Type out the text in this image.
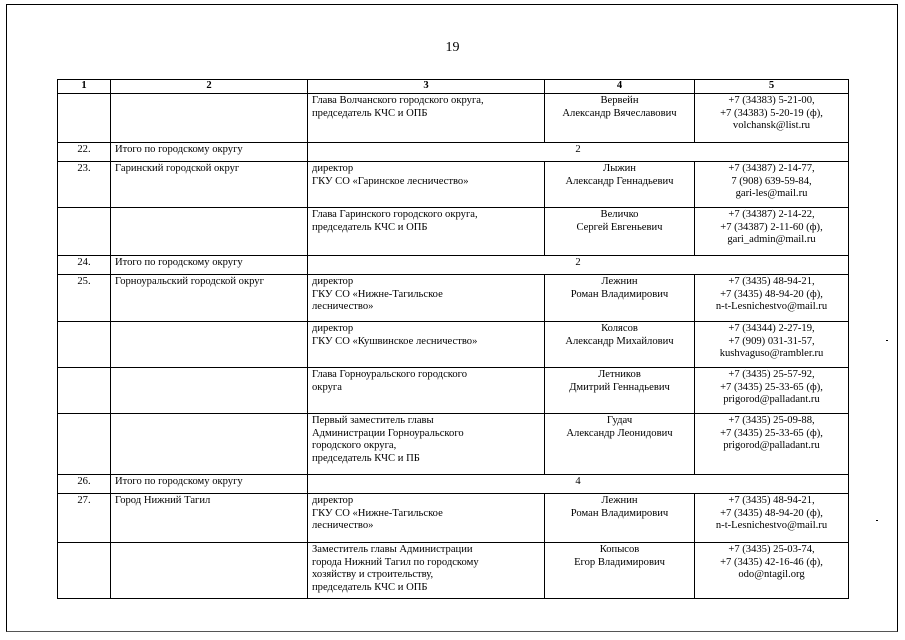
19
1	2	3	4	5

		Глава Волчанского городского округа,
председатель КЧС и ОПБ	Вервейн
Александр Вячеславович	+7 (34383) 5-21-00,
+7 (34383) 5-20-19 (ф),
volchansk@list.ru

22.	Итого по городскому округу	2		
23.	Гаринский городской округ	директор
ГКУ СО «Гаринское лесничество»	Лыжин
Александр Геннадьевич	+7 (34387) 2-14-77,
7 (908) 639-59-84,
gari-les@mail.ru

		Глава Гаринского городского округа,
председатель КЧС и ОПБ	Величко
Сергей Евгеньевич	+7 (34387) 2-14-22,
+7 (34387) 2-11-60 (ф),
gari_admin@mail.ru

24.	Итого по городскому округу	2		
25.	Горноуральский городской округ	директор
ГКУ СО «Нижне-Тагильское
лесничество»	Лежнин
Роман Владимирович	+7 (3435) 48-94-21,
+7 (3435) 48-94-20 (ф),
n-t-Lesnichestvo@mail.ru

		директор
ГКУ СО «Кушвинское лесничество»	Колясов
Александр Михайлович	+7 (34344) 2-27-19,
+7 (909) 031-31-57,
kushvaguso@rambler.ru

		Глава Горноуральского городского
округа	Летников
Дмитрий Геннадьевич	+7 (3435) 25-57-92,
+7 (3435) 25-33-65 (ф),
prigorod@palladant.ru

		Первый заместитель главы
Администрации Горноуральского
городского округа,
председатель КЧС и ПБ	Гудач
Александр Леонидович	+7 (3435) 25-09-88,
+7 (3435) 25-33-65 (ф),
prigorod@palladant.ru

26.	Итого по городскому округу	4		
27.	Город Нижний Тагил	директор
ГКУ СО «Нижне-Тагильское
лесничество»	Лежнин
Роман Владимирович	+7 (3435) 48-94-21,
+7 (3435) 48-94-20 (ф),
n-t-Lesnichestvo@mail.ru

		Заместитель главы Администрации
города Нижний Тагил по городскому
хозяйству и строительству,
председатель КЧС и ОПБ	Копысов
Егор Владимирович	+7 (3435) 25-03-74,
+7 (3435) 42-16-46 (ф),
odo@ntagil.org
